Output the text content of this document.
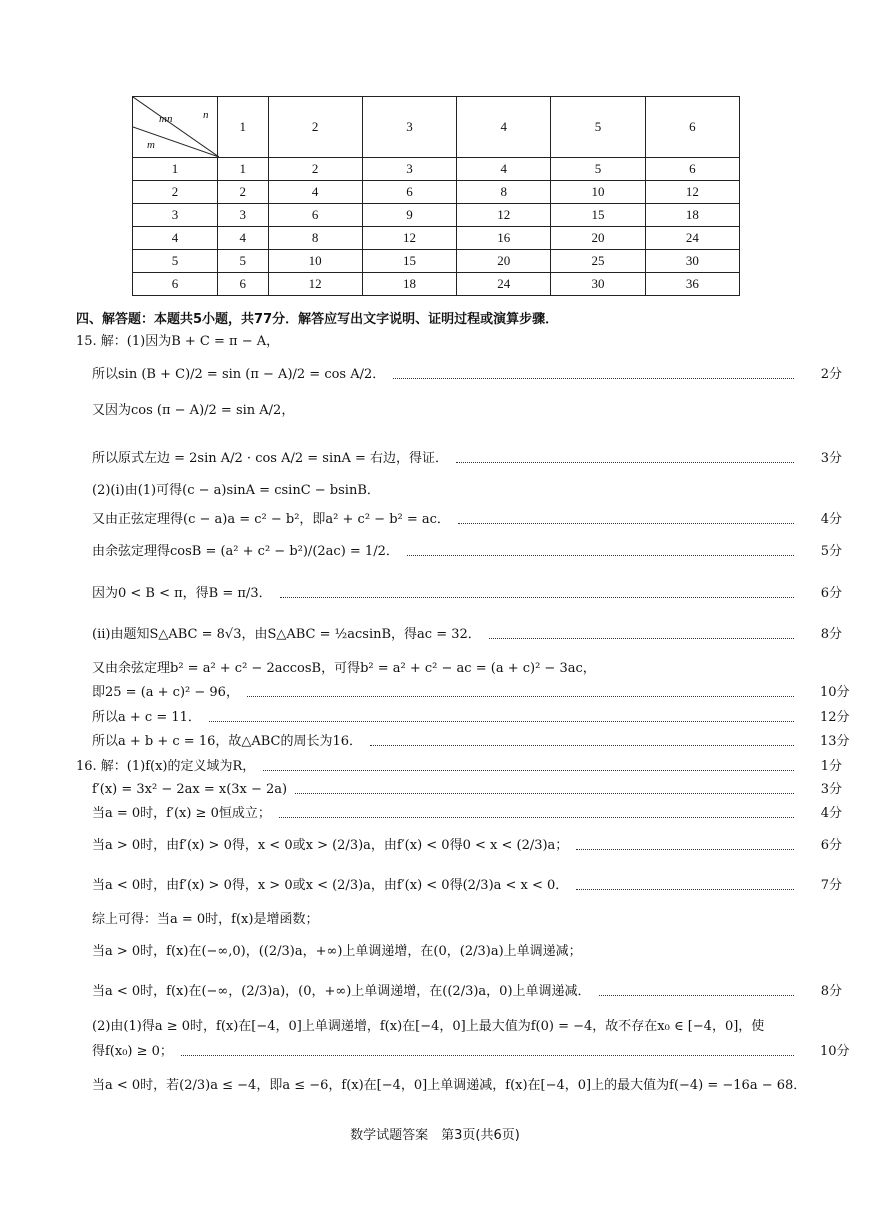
mn n
m	1	2	3	4	5	6
1	1	2	3	4	5	6
2	2	4	6	8	10	12
3	3	6	9	12	15	18
4	4	8	12	16	20	24
5	5	10	15	20	25	30
6	6	12	18	24	30	36
四、解答题：本题共5小题，共77分．解答应写出文字说明、证明过程或演算步骤．
15. 解：(1)因为B + C = π − A，
所以sin (B + C)/2 = sin (π − A)/2 = cos A/2．	2分
又因为cos (π − A)/2 = sin A/2，
所以原式左边 = 2sin A/2 · cos A/2 = sinA = 右边，得证．	3分
(2)(ⅰ)由(1)可得(c − a)sinA = csinC − bsinB．
又由正弦定理得(c − a)a = c² − b²，即a² + c² − b² = ac．	4分
由余弦定理得cosB = (a² + c² − b²)/(2ac) = 1/2．	5分
因为0 < B < π，得B = π/3．	6分
(ⅱ)由题知S△ABC = 8√3，由S△ABC = ½acsinB，得ac = 32．	8分
又由余弦定理b² = a² + c² − 2accosB，可得b² = a² + c² − ac = (a + c)² − 3ac，
即25 = (a + c)² − 96，	10分
所以a + c = 11．	12分
所以a + b + c = 16，故△ABC的周长为16．	13分
16. 解：(1)f(x)的定义域为R，	1分
f′(x) = 3x² − 2ax = x(3x − 2a)	3分
当a = 0时，f′(x) ≥ 0恒成立；	4分
当a > 0时，由f′(x) > 0得，x < 0或x > (2/3)a，由f′(x) < 0得0 < x < (2/3)a；	6分
当a < 0时，由f′(x) > 0得，x > 0或x < (2/3)a，由f′(x) < 0得(2/3)a < x < 0．	7分
综上可得：当a = 0时，f(x)是增函数；
当a > 0时，f(x)在(−∞,0)，((2/3)a，+∞)上单调递增，在(0，(2/3)a)上单调递减；
当a < 0时，f(x)在(−∞，(2/3)a)，(0，+∞)上单调递增，在((2/3)a，0)上单调递减．	8分
(2)由(1)得a ≥ 0时，f(x)在[−4，0]上单调递增，f(x)在[−4，0]上最大值为f(0) = −4，故不存在x₀ ∈ [−4，0]，使
得f(x₀) ≥ 0；	10分
当a < 0时，若(2/3)a ≤ −4，即a ≤ −6，f(x)在[−4，0]上单调递减，f(x)在[−4，0]上的最大值为f(−4) = −16a − 68．
数学试题答案　第3页(共6页)
